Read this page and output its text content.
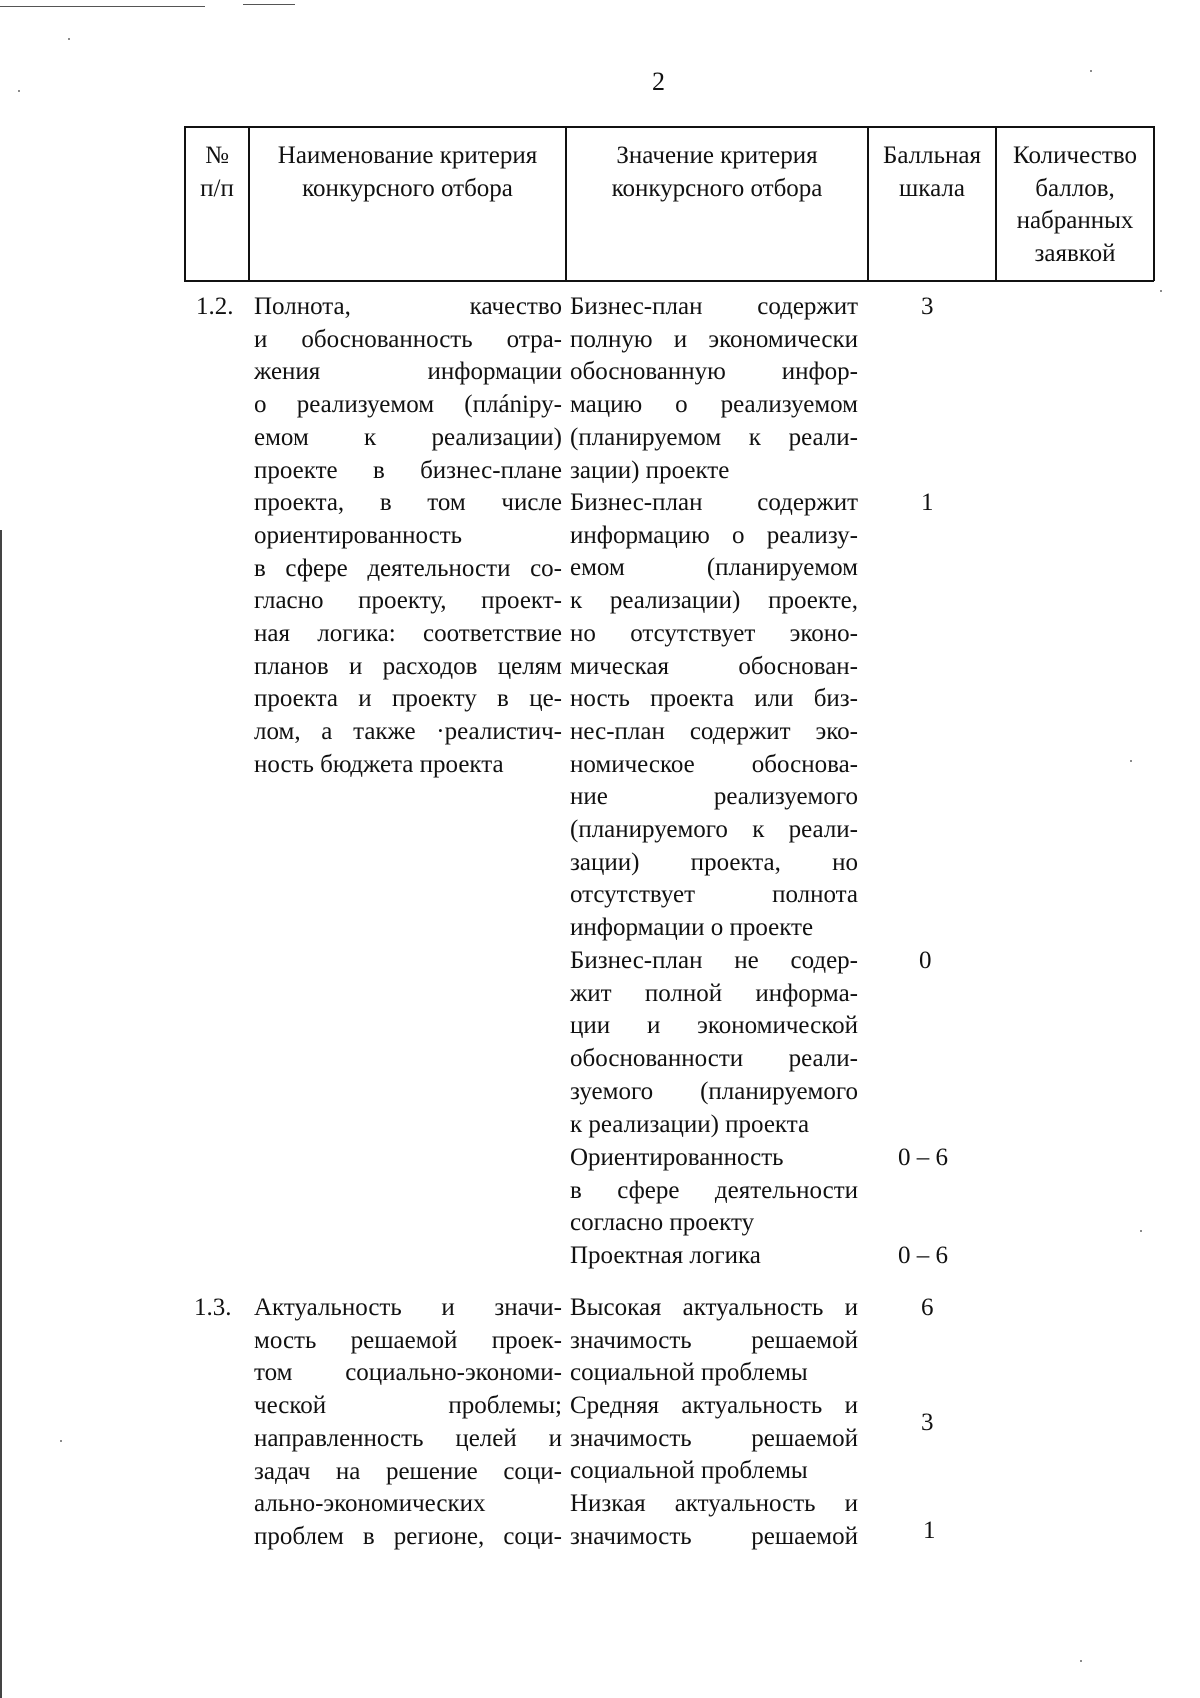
2
№
п/п
Наименование критерия
конкурсного отбора
Значение критерия
конкурсного отбора
Балльная
шкала
Количество
баллов,
набранных
заявкой
1.2. Полнота, качество
и обоснованность отра-
жения информации
о реализуемом (плániру-
емом к реализации)
проекте в бизнес-плане
проекта, в том числе
ориентированность
в сфере деятельности со-
гласно проекту, проект-
ная логика: соответствие
планов и расходов целям
проекта и проекту в це-
лом, а также ·реалистич-
ность бюджета проекта
Бизнес-план содержит
полную и экономически
обоснованную инфор-
мацию о реализуемом
(планируемом к реали-
зации) проекте
3
Бизнес-план содержит
информацию о реализу-
емом (планируемом
к реализации) проекте,
но отсутствует эконо-
мическая обоснован-
ность проекта или биз-
нес-план содержит эко-
номическое обоснова-
ние реализуемого
(планируемого к реали-
зации) проекта, но
отсутствует полнота
информации о проекте
1
Бизнес-план не содер-
жит полной информа-
ции и экономической
обоснованности реали-
зуемого (планируемого
к реализации) проекта
0
Ориентированность
в сфере деятельности
согласно проекту
0 – 6
Проектная логика	0 – 6
1.3. Актуальность и значи-
мость решаемой проек-
том социально-экономи-
ческой проблемы;
направленность целей и
задач на решение соци-
ально-экономических
проблем в регионе, соци-
Высокая актуальность и
значимость решаемой
социальной проблемы
6
Средняя актуальность и
значимость решаемой
социальной проблемы
3
Низкая актуальность и
значимость решаемой	1
